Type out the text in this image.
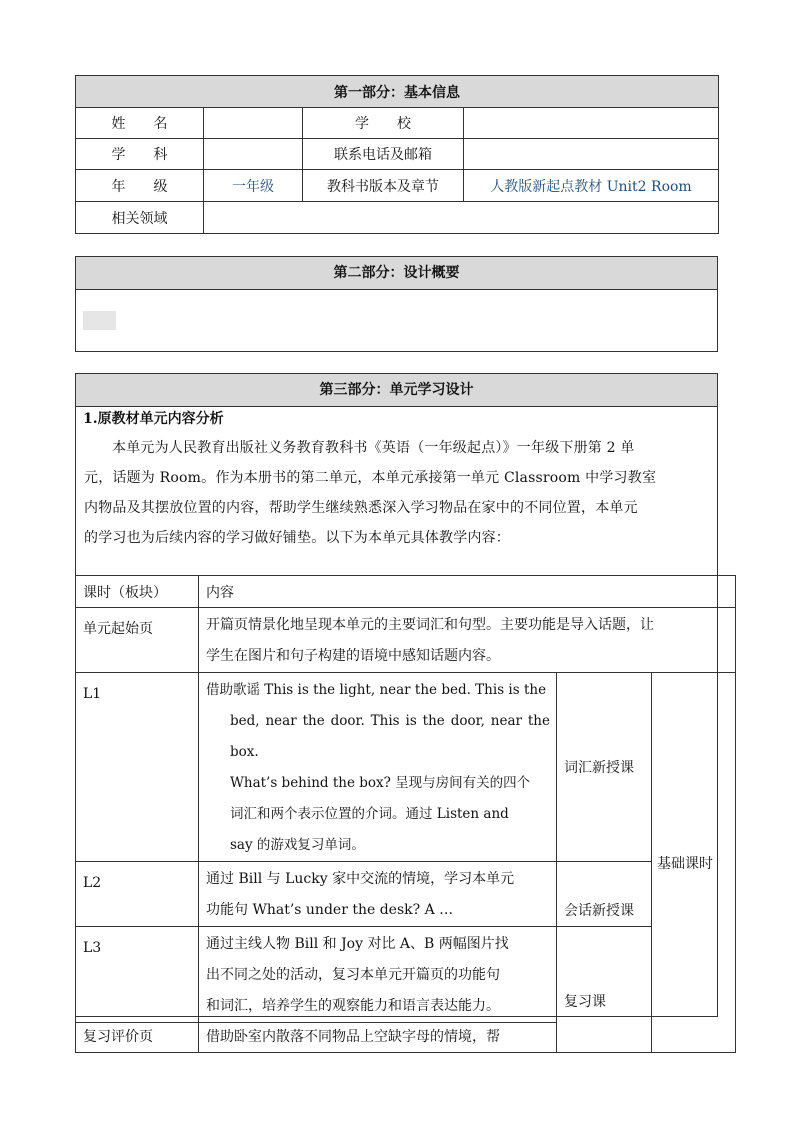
第一部分：基本信息			
姓　　名		学　　校	
学　　科		联系电话及邮箱	
年　　级	一年级	教科书版本及章节	人教版新起点教材 Unit2 Room
相关领域			
第二部分：设计概要
第三部分：单元学习设计
1.原教材单元内容分析

本单元为人民教育出版社义务教育教科书《英语（一年级起点）》一年级下册第 2 单

元，话题为 Room。作为本册书的第二单元，本单元承接第一单元 Classroom 中学习教室

内物品及其摆放位置的内容，帮助学生继续熟悉深入学习物品在家中的不同位置，本单元

的学习也为后续内容的学习做好铺垫。以下为本单元具体教学内容：

课时（板块）	内容		
单元起始页	开篇页情景化地呈现本单元的主要词汇和句型。主要功能是导入话题，让
学生在图片和句子构建的语境中感知话题内容。		

L1	借助歌谣 This is the light, near the bed. This is the
bed, near the door. This is the door, near the box.
What’s behind the box? 呈现与房间有关的四个
词汇和两个表示位置的介词。通过 Listen and
say 的游戏复习单词。	词汇新授课	基础课时
L2	通过 Bill 与 Lucky 家中交流的情境，学习本单元
功能句 What’s under the desk? A …	会话新授课	
L3	通过主线人物 Bill 和 Joy 对比 A、B 两幅图片找
出不同之处的活动，复习本单元开篇页的功能句
和词汇，培养学生的观察能力和语言表达能力。	复习课	
复习评价页	借助卧室内散落不同物品上空缺字母的情境，帮		
